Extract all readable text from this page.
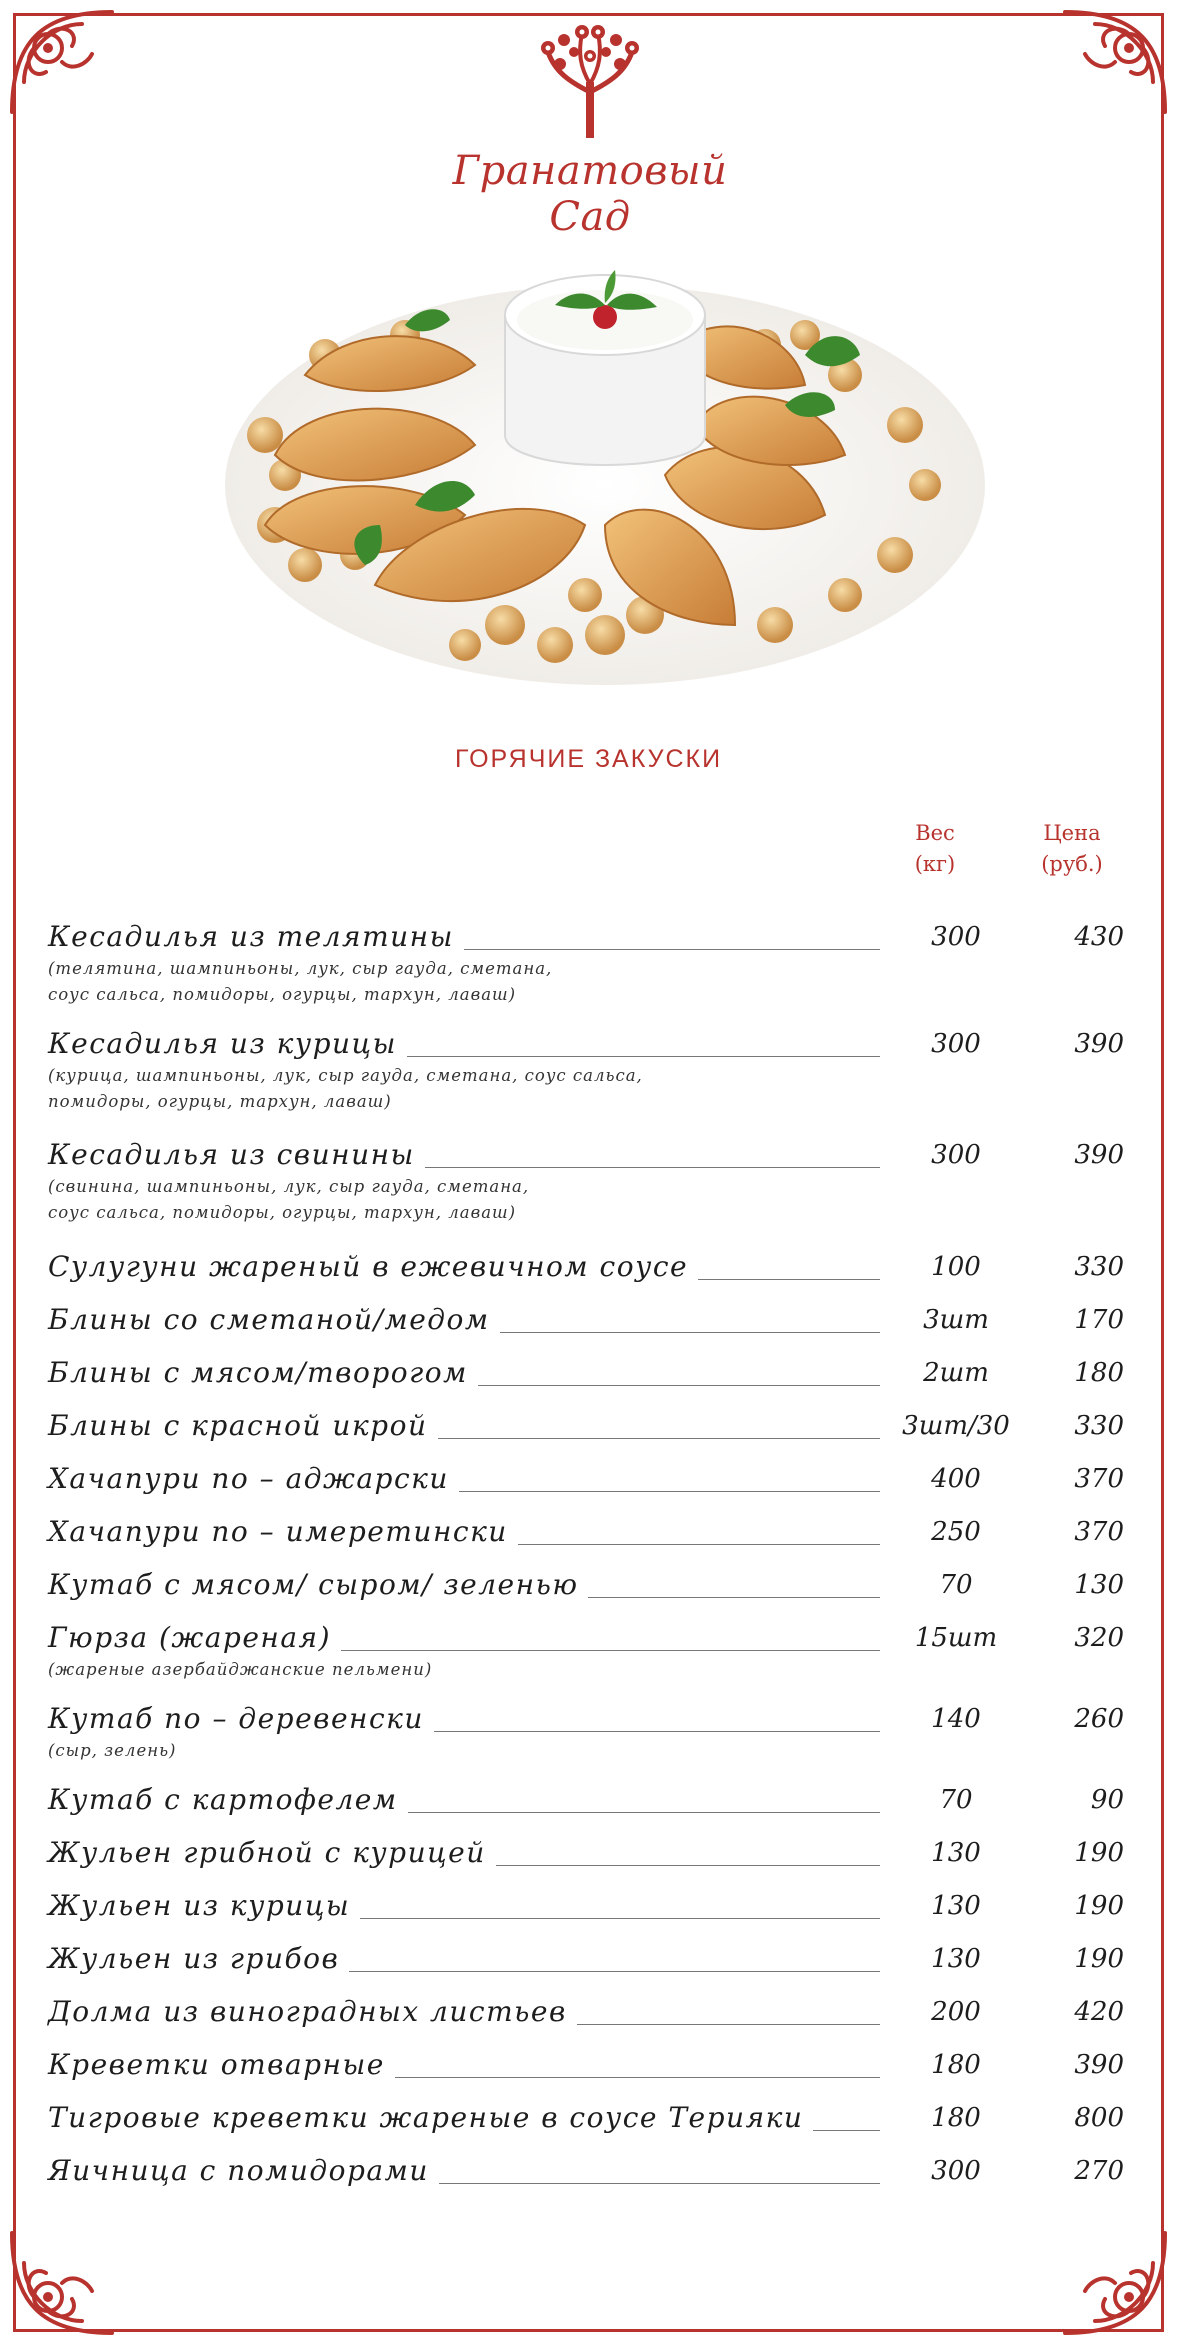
Гранатовый Сад
ГОРЯЧИЕ ЗАКУСКИ
Вес
(кг)
Цена
(руб.)
Кесадилья из телятины	300	430
(телятина, шампиньоны, лук, сыр гауда, сметана,
соус сальса, помидоры, огурцы, тархун, лаваш)
Кесадилья из курицы	300	390
(курица, шампиньоны, лук, сыр гауда, сметана, соус сальса,
помидоры, огурцы, тархун, лаваш)
Кесадилья из свинины	300	390
(свинина, шампиньоны, лук, сыр гауда, сметана,
соус сальса, помидоры, огурцы, тархун, лаваш)
Сулугуни жареный в ежевичном соусе	100	330
Блины со сметаной/медом	3шт	170
Блины с мясом/творогом	2шт	180
Блины с красной икрой	3шт/30	330
Хачапури по – аджарски	400	370
Хачапури по – имеретински	250	370
Кутаб с мясом/ сыром/ зеленью	70	130
Гюрза (жареная)	15шт	320
(жареные азербайджанские пельмени)
Кутаб по – деревенски	140	260
(сыр, зелень)
Кутаб с картофелем	70	90
Жульен грибной с курицей	130	190
Жульен из курицы	130	190
Жульен из грибов	130	190
Долма из виноградных листьев	200	420
Креветки отварные	180	390
Тигровые креветки жареные в соусе Терияки	180	800
Яичница с помидорами	300	270
